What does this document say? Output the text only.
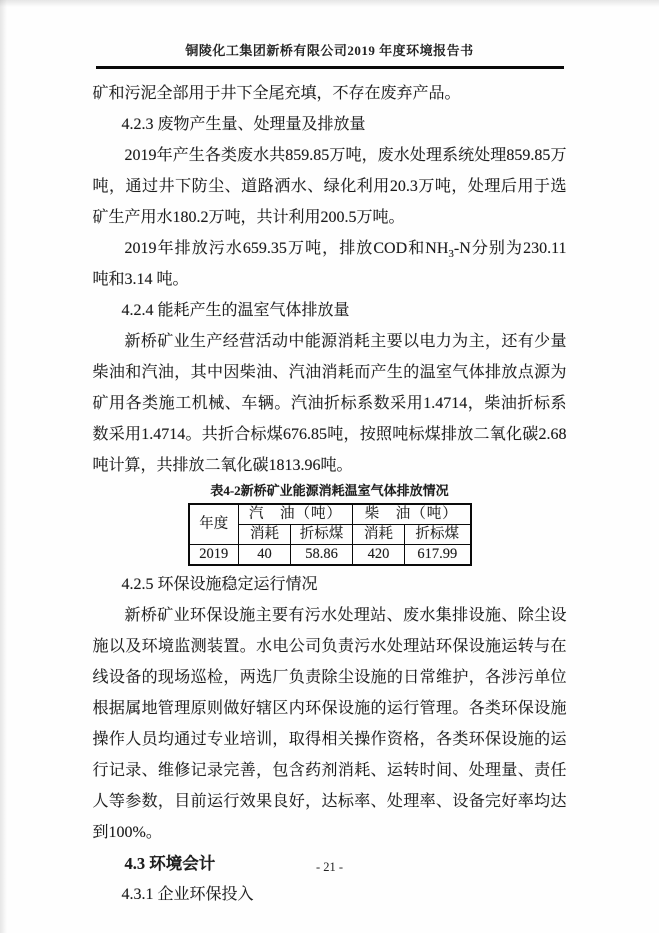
铜陵化工集团新桥有限公司2019 年度环境报告书

矿和污泥全部用于井下全尾充填，不存在废弃产品。

4.2.3 废物产生量、处理量及排放量

2019年产生各类废水共859.85万吨，废水处理系统处理859.85万吨，通过井下防尘、道路洒水、绿化利用20.3万吨，处理后用于选矿生产用水180.2万吨，共计利用200.5万吨。

2019年排放污水659.35万吨，排放COD和$NH_3-N$分别为230.11 吨和3.14 吨。

4.2.4 能耗产生的温室气体排放量

新桥矿业生产经营活动中能源消耗主要以电力为主，还有少量柴油和汽油，其中因柴油、汽油消耗而产生的温室气体排放点源为矿用各类施工机械、车辆。汽油折标系数采用1.4714，柴油折标系数采用1.4714。共折合标煤676.85吨，按照吨标煤排放二氧化碳2.68吨计算，共排放二氧化碳1813.96吨。

表4-2新桥矿业能源消耗温室气体排放情况

年度	汽　油（吨）		柴　油（吨）	
	消耗	折标煤	消耗	折标煤
2019	40	58.86	420	617.99

4.2.5 环保设施稳定运行情况

新桥矿业环保设施主要有污水处理站、废水集排设施、除尘设施以及环境监测装置。水电公司负责污水处理站环保设施运转与在线设备的现场巡检，两选厂负责除尘设施的日常维护，各涉污单位根据属地管理原则做好辖区内环保设施的运行管理。各类环保设施操作人员均通过专业培训，取得相关操作资格，各类环保设施的运行记录、维修记录完善，包含药剂消耗、运转时间、处理量、责任人等参数，目前运行效果良好，达标率、处理率、设备完好率均达到100%。

4.3 环境会计

4.3.1 企业环保投入

- 21 -
